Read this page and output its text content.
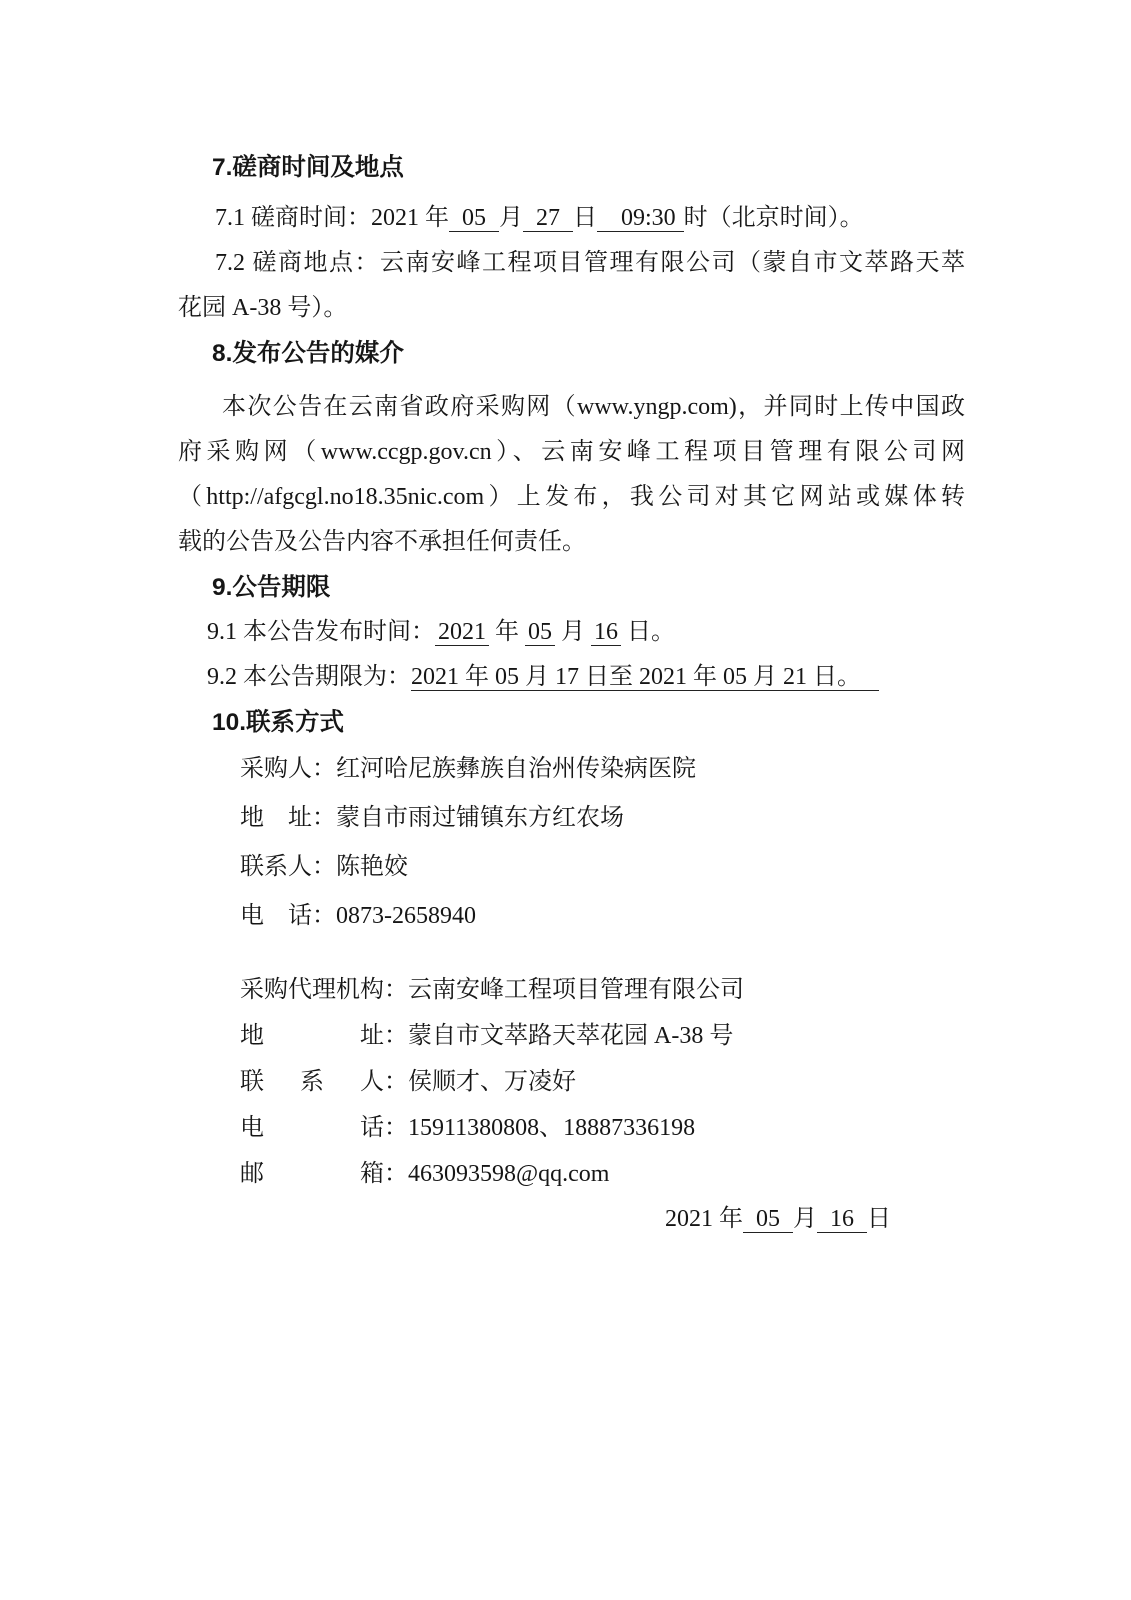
7.磋商时间及地点
7.1 磋商时间：2021 年 05 月 27 日 09:30 时（北京时间）。
7.2 磋商地点：云南安峰工程项目管理有限公司（蒙自市文萃路天萃
花园 A-38 号）。
8.发布公告的媒介
本次公告在云南省政府采购网（www.yngp.com)，并同时上传中国政
府采购网（www.ccgp.gov.cn）、云南安峰工程项目管理有限公司网
（http://afgcgl.no18.35nic.com）上发布，我公司对其它网站或媒体转
载的公告及公告内容不承担任何责任。
9.公告期限
9.1 本公告发布时间： 2021 年 05 月 16 日。
9.2 本公告期限为：2021 年 05 月 17 日至 2021 年 05 月 21 日。
10.联系方式
采购人：红河哈尼族彝族自治州传染病医院
地址：蒙自市雨过铺镇东方红农场
联系人：陈艳姣
电话：0873-2658940
采购代理机构：云南安峰工程项目管理有限公司
地址：蒙自市文萃路天萃花园 A-38 号
联系人：侯顺才、万凌好
电话：15911380808、18887336198
邮箱：463093598@qq.com
2021 年 05 月 16 日
